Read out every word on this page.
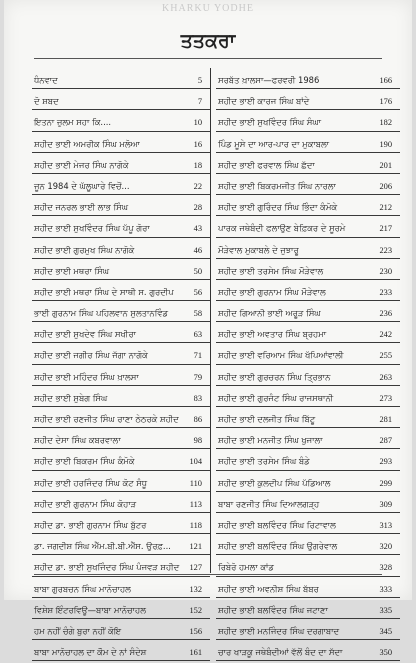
KHARKU YODHE
ਤਤਕਰਾ
ਧੰਨਵਾਦ	5
ਦੋ ਸ਼ਬਦ	7
ਇਤਨਾ ਜ਼ੁਲਮ ਸਹਾ ਕਿ....	10
ਸ਼ਹੀਦ ਭਾਈ ਅਮਰੀਕ ਸਿੰਘ ਮਲੋਆ	16
ਸ਼ਹੀਦ ਭਾਈ ਮੇਜਰ ਸਿੰਘ ਨਾਗੋਕੇ	18
ਜੂਨ 1984 ਦੇ ਘੱਲੂਘਾਰੇ ਵਿਚੋਂ...	22
ਸ਼ਹੀਦ ਜਨਰਲ ਭਾਈ ਲਾਭ ਸਿੰਘ	28
ਸ਼ਹੀਦ ਭਾਈ ਸੁਖਵਿੰਦਰ ਸਿੰਘ ਪੱਪੂ ਗੋਰਾ	43
ਸ਼ਹੀਦ ਭਾਈ ਗੁਰਮੁਖ ਸਿੰਘ ਨਾਗੋਕੇ	46
ਸ਼ਹੀਦ ਭਾਈ ਮਥਰਾ ਸਿੰਘ	50
ਸ਼ਹੀਦ ਭਾਈ ਮਥਰਾ ਸਿੰਘ ਦੇ ਸਾਥੀ ਸ. ਗੁਰਦੀਪ 56
ਭਾਈ ਗੁਰਨਾਮ ਸਿੰਘ ਪਹਿਲਵਾਨ ਸੁਲਤਾਨਵਿੰਡ	58
ਸ਼ਹੀਦ ਭਾਈ ਸੁਖਦੇਵ ਸਿੰਘ ਸਖੀਰਾ	63
ਸ਼ਹੀਦ ਭਾਈ ਜਗੀਰ ਸਿੰਘ ਜੱਗਾ ਨਾਗੋਕੇ	71
ਸ਼ਹੀਦ ਭਾਈ ਮਹਿੰਦਰ ਸਿੰਘ ਖ਼ਾਲਸਾ	79
ਸ਼ਹੀਦ ਭਾਈ ਸੁਬੇਗ ਸਿੰਘ	83
ਸ਼ਹੀਦ ਭਾਈ ਰਣਜੀਤ ਸਿੰਘ ਰਾਣਾ ਠੇਠਰਕੇ ਸ਼ਹੀਦ 86
ਸ਼ਹੀਦ ਦੇਸਾ ਸਿੰਘ ਕਬਰਵਾਲਾ	98
ਸ਼ਹੀਦ ਭਾਈ ਬਿਕਰਮ ਸਿੰਘ ਕੰਮੋਕੇ	104
ਸ਼ਹੀਦ ਭਾਈ ਹਰਜਿੰਦਰ ਸਿੰਘ ਕੋਟ ਸੰਧੂ	110
ਸ਼ਹੀਦ ਭਾਈ ਗੁਰਨਾਮ ਸਿੰਘ ਕੋਹਾੜ	113
ਸ਼ਹੀਦ ਡਾ. ਭਾਈ ਗੁਰਨਾਮ ਸਿੰਘ ਬੁੱਟਰ	118
ਡਾ. ਜਗਦੀਸ਼ ਸਿੰਘ ਐੱਮ.ਬੀ.ਬੀ.ਐੱਸ. ਉਰਫ਼... 121
ਸ਼ਹੀਦ ਡਾ. ਭਾਈ ਸੁਖਜਿੰਦਰ ਸਿੰਘ ਪੰਜਵੜ ਸ਼ਹੀਦ 127
ਬਾਬਾ ਗੁਰਬਚਨ ਸਿੰਘ ਮਾਨੋਚਾਹਲ	132
ਵਿਸ਼ੇਸ਼ ਇੰਟਰਵਿਊ—ਬਾਬਾ ਮਾਨੋਚਾਹਲ	152
ਹਮ ਨਹੀਂ ਚੰਗੇ ਬੁਰਾ ਨਹੀਂ ਕੋਇ	156
ਬਾਬਾ ਮਾਨੋਚਾਹਲ ਦਾ ਕੌਮ ਦੇ ਨਾਂ ਸੰਦੇਸ਼	161
ਸਰਬੱਤ ਖ਼ਾਲਸਾ—ਫਰਵਰੀ 1986	166
ਸ਼ਹੀਦ ਭਾਈ ਕਾਰਜ ਸਿੰਘ ਬਾਂਦੇ	176
ਸ਼ਹੀਦ ਭਾਈ ਸੁਖਵਿੰਦਰ ਸਿੰਘ ਸੰਘਾ	182
ਪਿੰਡ ਮੂਸੇ ਦਾ ਆਰ-ਪਾਰ ਦਾ ਮੁਕਾਬਲਾ	190
ਸ਼ਹੀਦ ਭਾਈ ਫਰਵਾਲ ਸਿੰਘ ਛੱਦਾ	201
ਸ਼ਹੀਦ ਭਾਈ ਬਿਕਰਮਜੀਤ ਸਿੰਘ ਨਾਰਲਾ	206
ਸ਼ਹੀਦ ਭਾਈ ਗੁਰਿੰਦਰ ਸਿੰਘ ਭਿੰਦਾ ਕੰਮੋਕੇ	212
ਪਾਰਕ ਜਥੇਬੰਦੀ ਫਲਾਉਣ ਬੇਫ਼ਿਕਰ ਦੇ ਸੂਰਮੇ	217
ਮੌੜੇਵਾਲ ਮੁਕਾਬਲੇ ਦੇ ਜੁਝਾਰੂ	223
ਸ਼ਹੀਦ ਭਾਈ ਤਰਸੇਮ ਸਿੰਘ ਮੌੜੇਵਾਲ	230
ਸ਼ਹੀਦ ਭਾਈ ਗੁਰਨਾਮ ਸਿੰਘ ਮੌੜੇਵਾਲ	233
ਸ਼ਹੀਦ ਗਿਆਨੀ ਭਾਈ ਅਰੂੜ ਸਿੰਘ	236
ਸ਼ਹੀਦ ਭਾਈ ਅਵਤਾਰ ਸਿੰਘ ਬ੍ਰਹਮਾ	242
ਸ਼ਹੀਦ ਭਾਈ ਵਰਿਆਮ ਸਿੰਘ ਖੱਪਿਆਂਵਾਲੀ	255
ਸ਼ਹੀਦ ਭਾਈ ਗੁਰਚਰਨ ਸਿੰਘ ਤ੍ਰਿਭਾਨ	263
ਸ਼ਹੀਦ ਭਾਈ ਗੁਰਜੰਟ ਸਿੰਘ ਰਾਜਸਥਾਨੀ	273
ਸ਼ਹੀਦ ਭਾਈ ਦਲਜੀਤ ਸਿੰਘ ਬਿੱਟੂ	281
ਸ਼ਹੀਦ ਭਾਈ ਮਨਜੀਤ ਸਿੰਘ ਖੁਜਾਲਾ	287
ਸ਼ਹੀਦ ਭਾਈ ਤਰਸੇਮ ਸਿੰਘ ਬੰਡੇ	293
ਸ਼ਹੀਦ ਭਾਈ ਕੁਲਦੀਪ ਸਿੰਘ ਪੱਡਿਆਲ	299
ਬਾਬਾ ਰਣਜੀਤ ਸਿੰਘ ਦਿਆਲਗੜ੍ਹ	309
ਸ਼ਹੀਦ ਭਾਈ ਬਲਵਿੰਦਰ ਸਿੰਘ ਰਿਟਾਵਾਲ	313
ਸ਼ਹੀਦ ਭਾਈ ਬਲਵਿੰਦਰ ਸਿੰਘ ਉਗਰੇਵਾਲ	320
ਰਿਬੇਰੋ ਹਮਲਾ ਕਾਂਡ	328
ਸ਼ਹੀਦ ਭਾਈ ਅਵਨੀਸ਼ ਸਿੰਘ ਬੱਬਰ	333
ਸ਼ਹੀਦ ਭਾਈ ਬਲਵਿੰਦਰ ਸਿੰਘ ਜਟਾਣਾ	335
ਸ਼ਹੀਦ ਭਾਈ ਮਨਜਿੰਦਰ ਸਿੰਘ ਦਰਗਾਬਾਦ	345
ਚਾਰ ਖਾੜਕੂ ਜਥੇਬੰਦੀਆਂ ਵੱਲੋਂ ਬੰਦ ਦਾ ਸੱਦਾ	350
